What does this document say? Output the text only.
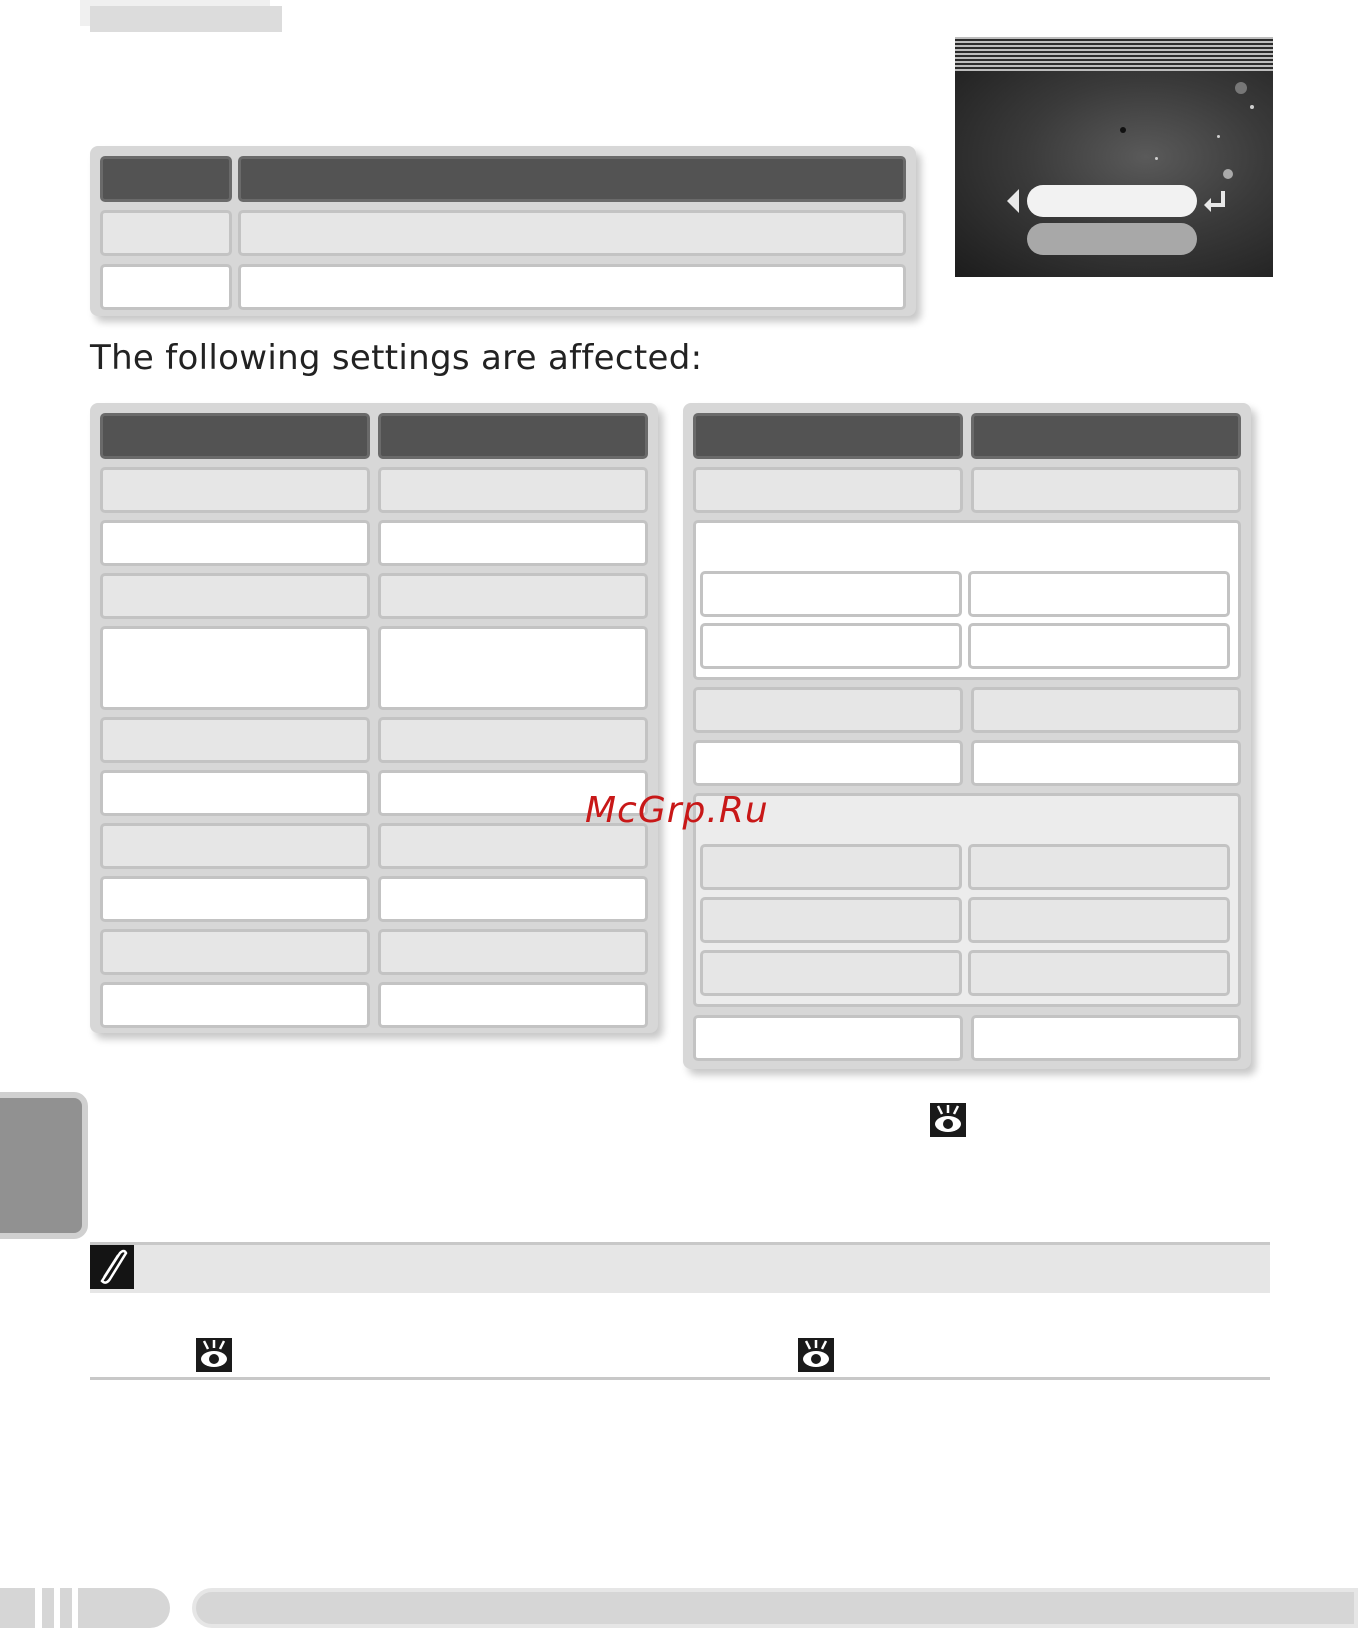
The following settings are affected:
McGrp.Ru
